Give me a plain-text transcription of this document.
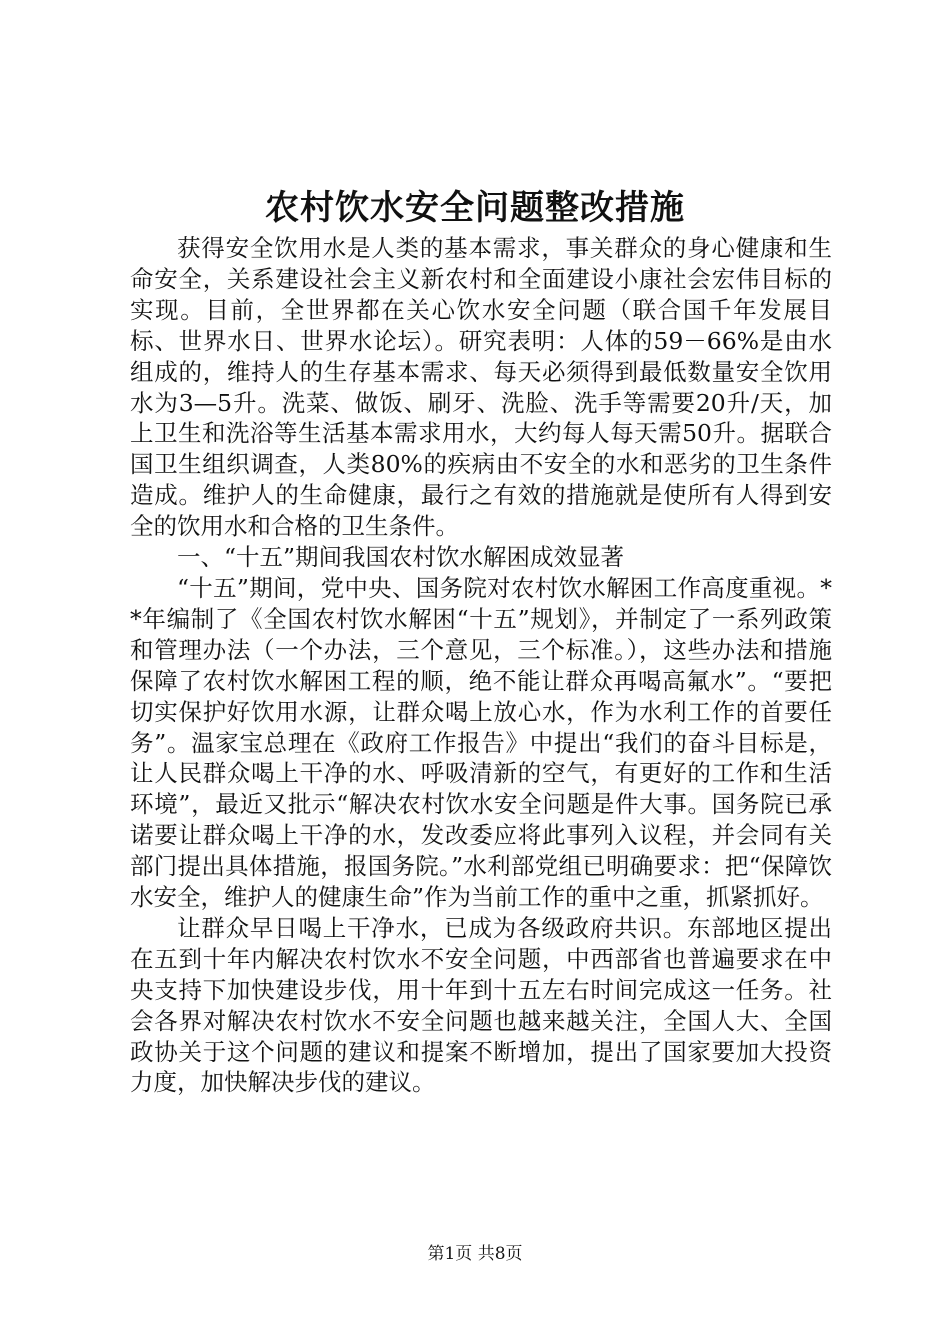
农村饮水安全问题整改措施

获得安全饮用水是人类的基本需求，事关群众的身心健康和生命安全，关系建设社会主义新农村和全面建设小康社会宏伟目标的实现。目前，全世界都在关心饮水安全问题（联合国千年发展目标、世界水日、世界水论坛）。研究表明：人体的59－66%是由水组成的，维持人的生存基本需求、每天必须得到最低数量安全饮用水为3—5升。洗菜、做饭、刷牙、洗脸、洗手等需要20升/天，加上卫生和洗浴等生活基本需求用水，大约每人每天需50升。据联合国卫生组织调查，人类80%的疾病由不安全的水和恶劣的卫生条件造成。维护人的生命健康，最行之有效的措施就是使所有人得到安全的饮用水和合格的卫生条件。

一、“十五”期间我国农村饮水解困成效显著

“十五”期间，党中央、国务院对农村饮水解困工作高度重视。**年编制了《全国农村饮水解困“十五”规划》，并制定了一系列政策和管理办法（一个办法，三个意见，三个标准。），这些办法和措施保障了农村饮水解困工程的顺，绝不能让群众再喝高氟水”。“要把切实保护好饮用水源，让群众喝上放心水，作为水利工作的首要任务”。温家宝总理在《政府工作报告》中提出“我们的奋斗目标是，让人民群众喝上干净的水、呼吸清新的空气，有更好的工作和生活环境”，最近又批示“解决农村饮水安全问题是件大事。国务院已承诺要让群众喝上干净的水，发改委应将此事列入议程，并会同有关部门提出具体措施，报国务院。”水利部党组已明确要求：把“保障饮水安全，维护人的健康生命”作为当前工作的重中之重，抓紧抓好。

让群众早日喝上干净水，已成为各级政府共识。东部地区提出在五到十年内解决农村饮水不安全问题，中西部省也普遍要求在中央支持下加快建设步伐，用十年到十五左右时间完成这一任务。社会各界对解决农村饮水不安全问题也越来越关注，全国人大、全国政协关于这个问题的建议和提案不断增加，提出了国家要加大投资力度，加快解决步伐的建议。

第1页 共8页
